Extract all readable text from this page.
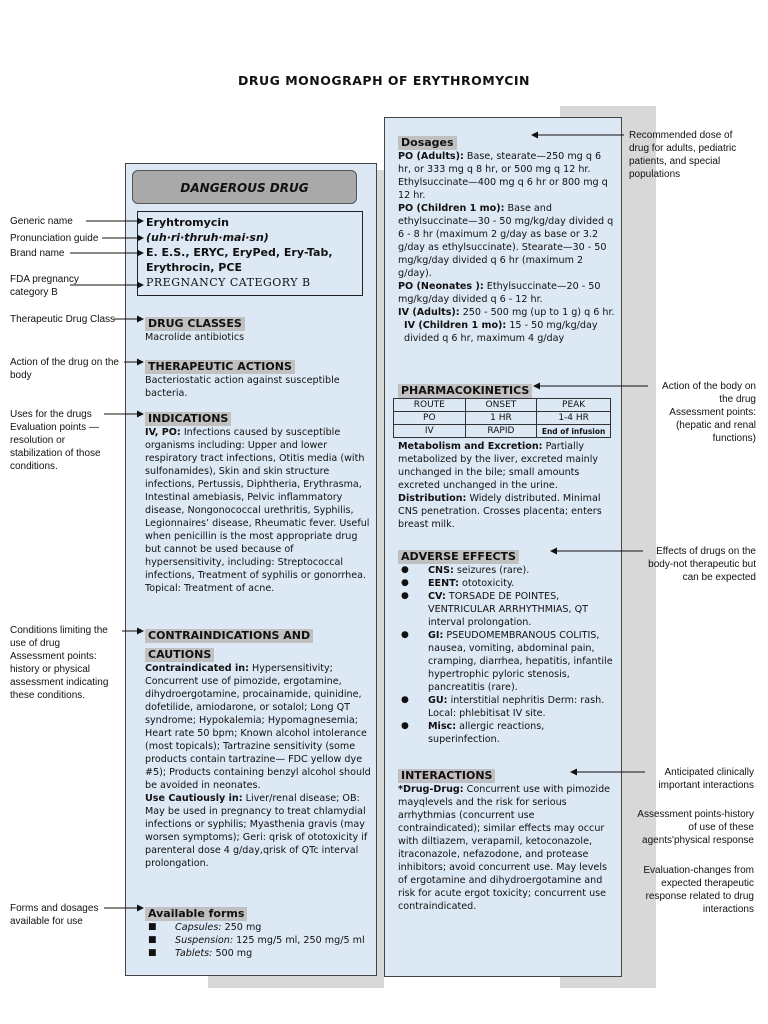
DRUG MONOGRAPH OF ERYTHROMYCIN
DANGEROUS DRUG
Eryhtromycin
(uh·ri·thruh·mai·sn)
E. E.S., ERYC, EryPed, Ery-Tab,
Erythrocin, PCE
PREGNANCY CATEGORY B
DRUG CLASSES
Macrolide antibiotics
THERAPEUTIC ACTIONS
Bacteriostatic action against susceptible bacteria.
INDICATIONS
IV, PO: Infections caused by susceptible organisms including: Upper and lower respiratory tract infections, Otitis media (with sulfonamides), Skin and skin structure infections, Pertussis, Diphtheria, Erythrasma, Intestinal amebiasis, Pelvic inflammatory disease, Nongonococcal urethritis, Syphilis, Legionnaires’ disease, Rheumatic fever. Useful when penicillin is the most appropriate drug but cannot be used because of hypersensitivity, including: Streptococcal infections, Treatment of syphilis or gonorrhea. Topical: Treatment of acne.
CONTRAINDICATIONS AND
CAUTIONS
Contraindicated in: Hypersensitivity; Concurrent use of pimozide, ergotamine, dihydroergotamine, procainamide, quinidine, dofetilide, amiodarone, or sotalol; Long QT syndrome; Hypokalemia; Hypomagnesemia; Heart rate 50 bpm; Known alcohol intolerance (most topicals); Tartrazine sensitivity (some products contain tartrazine— FDC yellow dye #5); Products containing benzyl alcohol should be avoided in neonates.
Use Cautiously in: Liver/renal disease; OB: May be used in pregnancy to treat chlamydial infections or syphilis; Myasthenia gravis (may worsen symptoms); Geri: qrisk of ototoxicity if parenteral dose 4 g/day,qrisk of QTc interval prolongation.
Available forms
■ Capsules: 250 mg
■ Suspension: 125 mg/5 ml, 250 mg/5 ml
■ Tablets: 500 mg
Dosages
PO (Adults): Base, stearate—250 mg q 6 hr, or 333 mg q 8 hr, or 500 mg q 12 hr. Ethylsuccinate—400 mg q 6 hr or 800 mg q 12 hr.
PO (Children 1 mo): Base and ethylsuccinate—30 - 50 mg/kg/day divided q 6 - 8 hr (maximum 2 g/day as base or 3.2 g/day as ethylsuccinate). Stearate—30 - 50 mg/kg/day divided q 6 hr (maximum 2 g/day).
PO (Neonates ): Ethylsuccinate—20 - 50 mg/kg/day divided q 6 - 12 hr.
IV (Adults): 250 - 500 mg (up to 1 g) q 6 hr.
IV (Children 1 mo): 15 - 50 mg/kg/day divided q 6 hr, maximum 4 g/day
PHARMACOKINETICS
ROUTE	ONSET	PEAK
PO	1 HR	1-4 HR
IV	RAPID	End of infusion
Metabolism and Excretion: Partially metabolized by the liver, excreted mainly unchanged in the bile; small amounts excreted unchanged in the urine.
Distribution: Widely distributed. Minimal CNS penetration. Crosses placenta; enters breast milk.
ADVERSE EFFECTS
● CNS: seizures (rare).
● EENT: ototoxicity.
● CV: TORSADE DE POINTES, VENTRICULAR ARRHYTHMIAS, QT interval prolongation.
● GI: PSEUDOMEMBRANOUS COLITIS, nausea, vomiting, abdominal pain, cramping, diarrhea, hepatitis, infantile hypertrophic pyloric stenosis, pancreatitis (rare).
● GU: interstitial nephritis Derm: rash. Local: phlebitisat IV site.
● Misc: allergic reactions, superinfection.
INTERACTIONS
*Drug-Drug: Concurrent use with pimozide mayqlevels and the risk for serious arrhythmias (concurrent use contraindicated); similar effects may occur with diltiazem, verapamil, ketoconazole, itraconazole, nefazodone, and protease inhibitors; avoid concurrent use. May levels of ergotamine and dihydroergotamine and risk for acute ergot toxicity; concurrent use contraindicated.
Generic name
Pronunciation guide
Brand name
FDA pregnancy
category B
Therapeutic Drug Class
Action of the drug on the
body
Uses for the drugs
Evaluation points —
resolution or
stabilization of those
conditions.
Conditions limiting the
use of drug
Assessment points:
history or physical
assessment indicating
these conditions.
Forms and dosages
available for use
Recommended dose of
drug for adults, pediatric
patients, and special
populations
Action of the body on
the drug
Assessment points:
(hepatic and renal
functions)
Effects of drugs on the
body-not therapeutic but
can be expected
Anticipated clinically
important interactions
Assessment points-history
of use of these
agents'physical response
Evaluation-changes from
expected therapeutic
response related to drug
interactions
